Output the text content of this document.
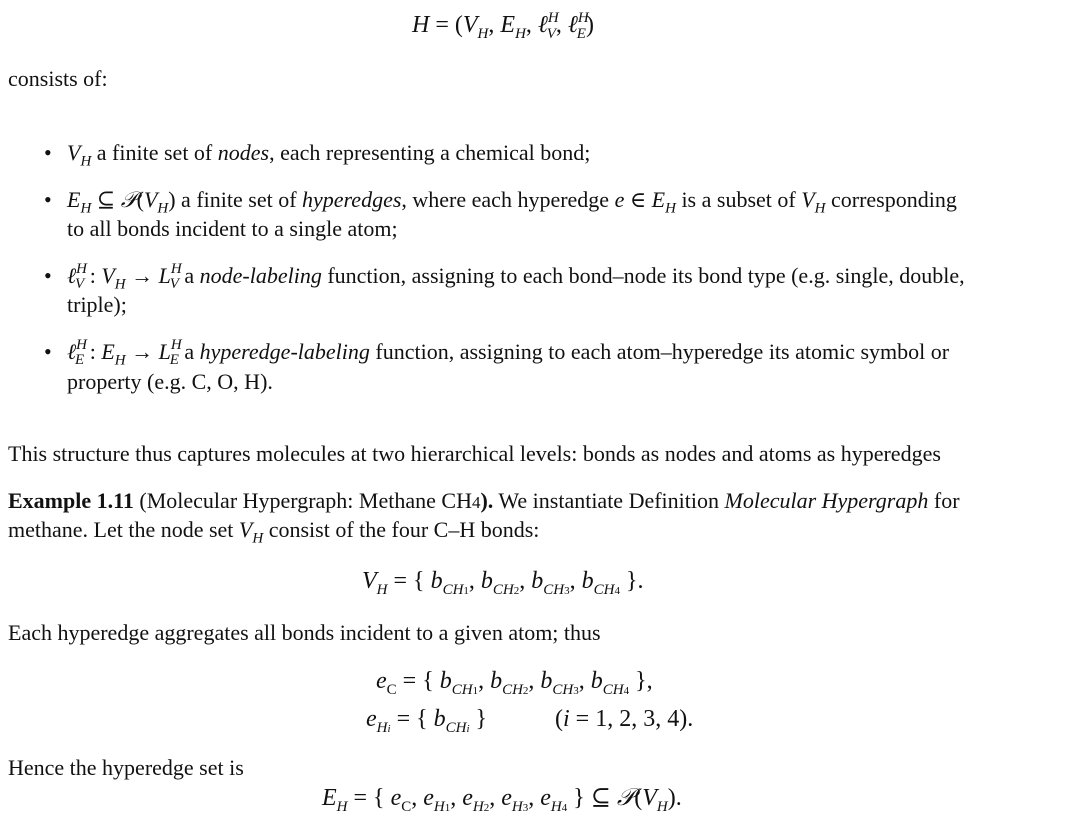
$H = (V_H$, $E_H$, ℓ$^H_V$, ℓ$^H_E$)
consists of:
• $V_H$ a finite set of nodes, each representing a chemical bond;
• $E_H$ ⊆ $𝒫(V_H)$ a finite set of hyperedges, where each hyperedge e ∈ $E_H$ is a subset of $V_H$ corresponding
to all bonds incident to a single atom;
• ℓ$^H_V$ : $V_H \to L^H_V$ a node-labeling function, assigning to each bond–node its bond type (e.g. single, double,
triple);
• ℓ$^H_E$ : $E_H \to L^H_E$ a hyperedge-labeling function, assigning to each atom–hyperedge its atomic symbol or
property (e.g. C, O, H).
This structure thus captures molecules at two hierarchical levels: bonds as nodes and atoms as hyperedges
Example 1.11 (Molecular Hypergraph: Methane CH4). We instantiate Definition Molecular Hypergraph for
methane. Let the node set $V_H$ consist of the four C–H bonds:
$V_H$ = { $b_{CH1}$, $b_{CH2}$, $b_{CH3}$, $b_{CH4}$ }.
Each hyperedge aggregates all bonds incident to a given atom; thus
$e_C$ = { $b_{CH1}$, $b_{CH2}$, $b_{CH3}$, $b_{CH4}$ },
$e_{Hi}$ = { $b_{CHi}$ }	(i = 1, 2, 3, 4).
Hence the hyperedge set is
$E_H$ = { $e_C$, $e_{H1}$, $e_{H2}$, $e_{H3}$, $e_{H4}$ } ⊆ $𝒫(V_H)$.
